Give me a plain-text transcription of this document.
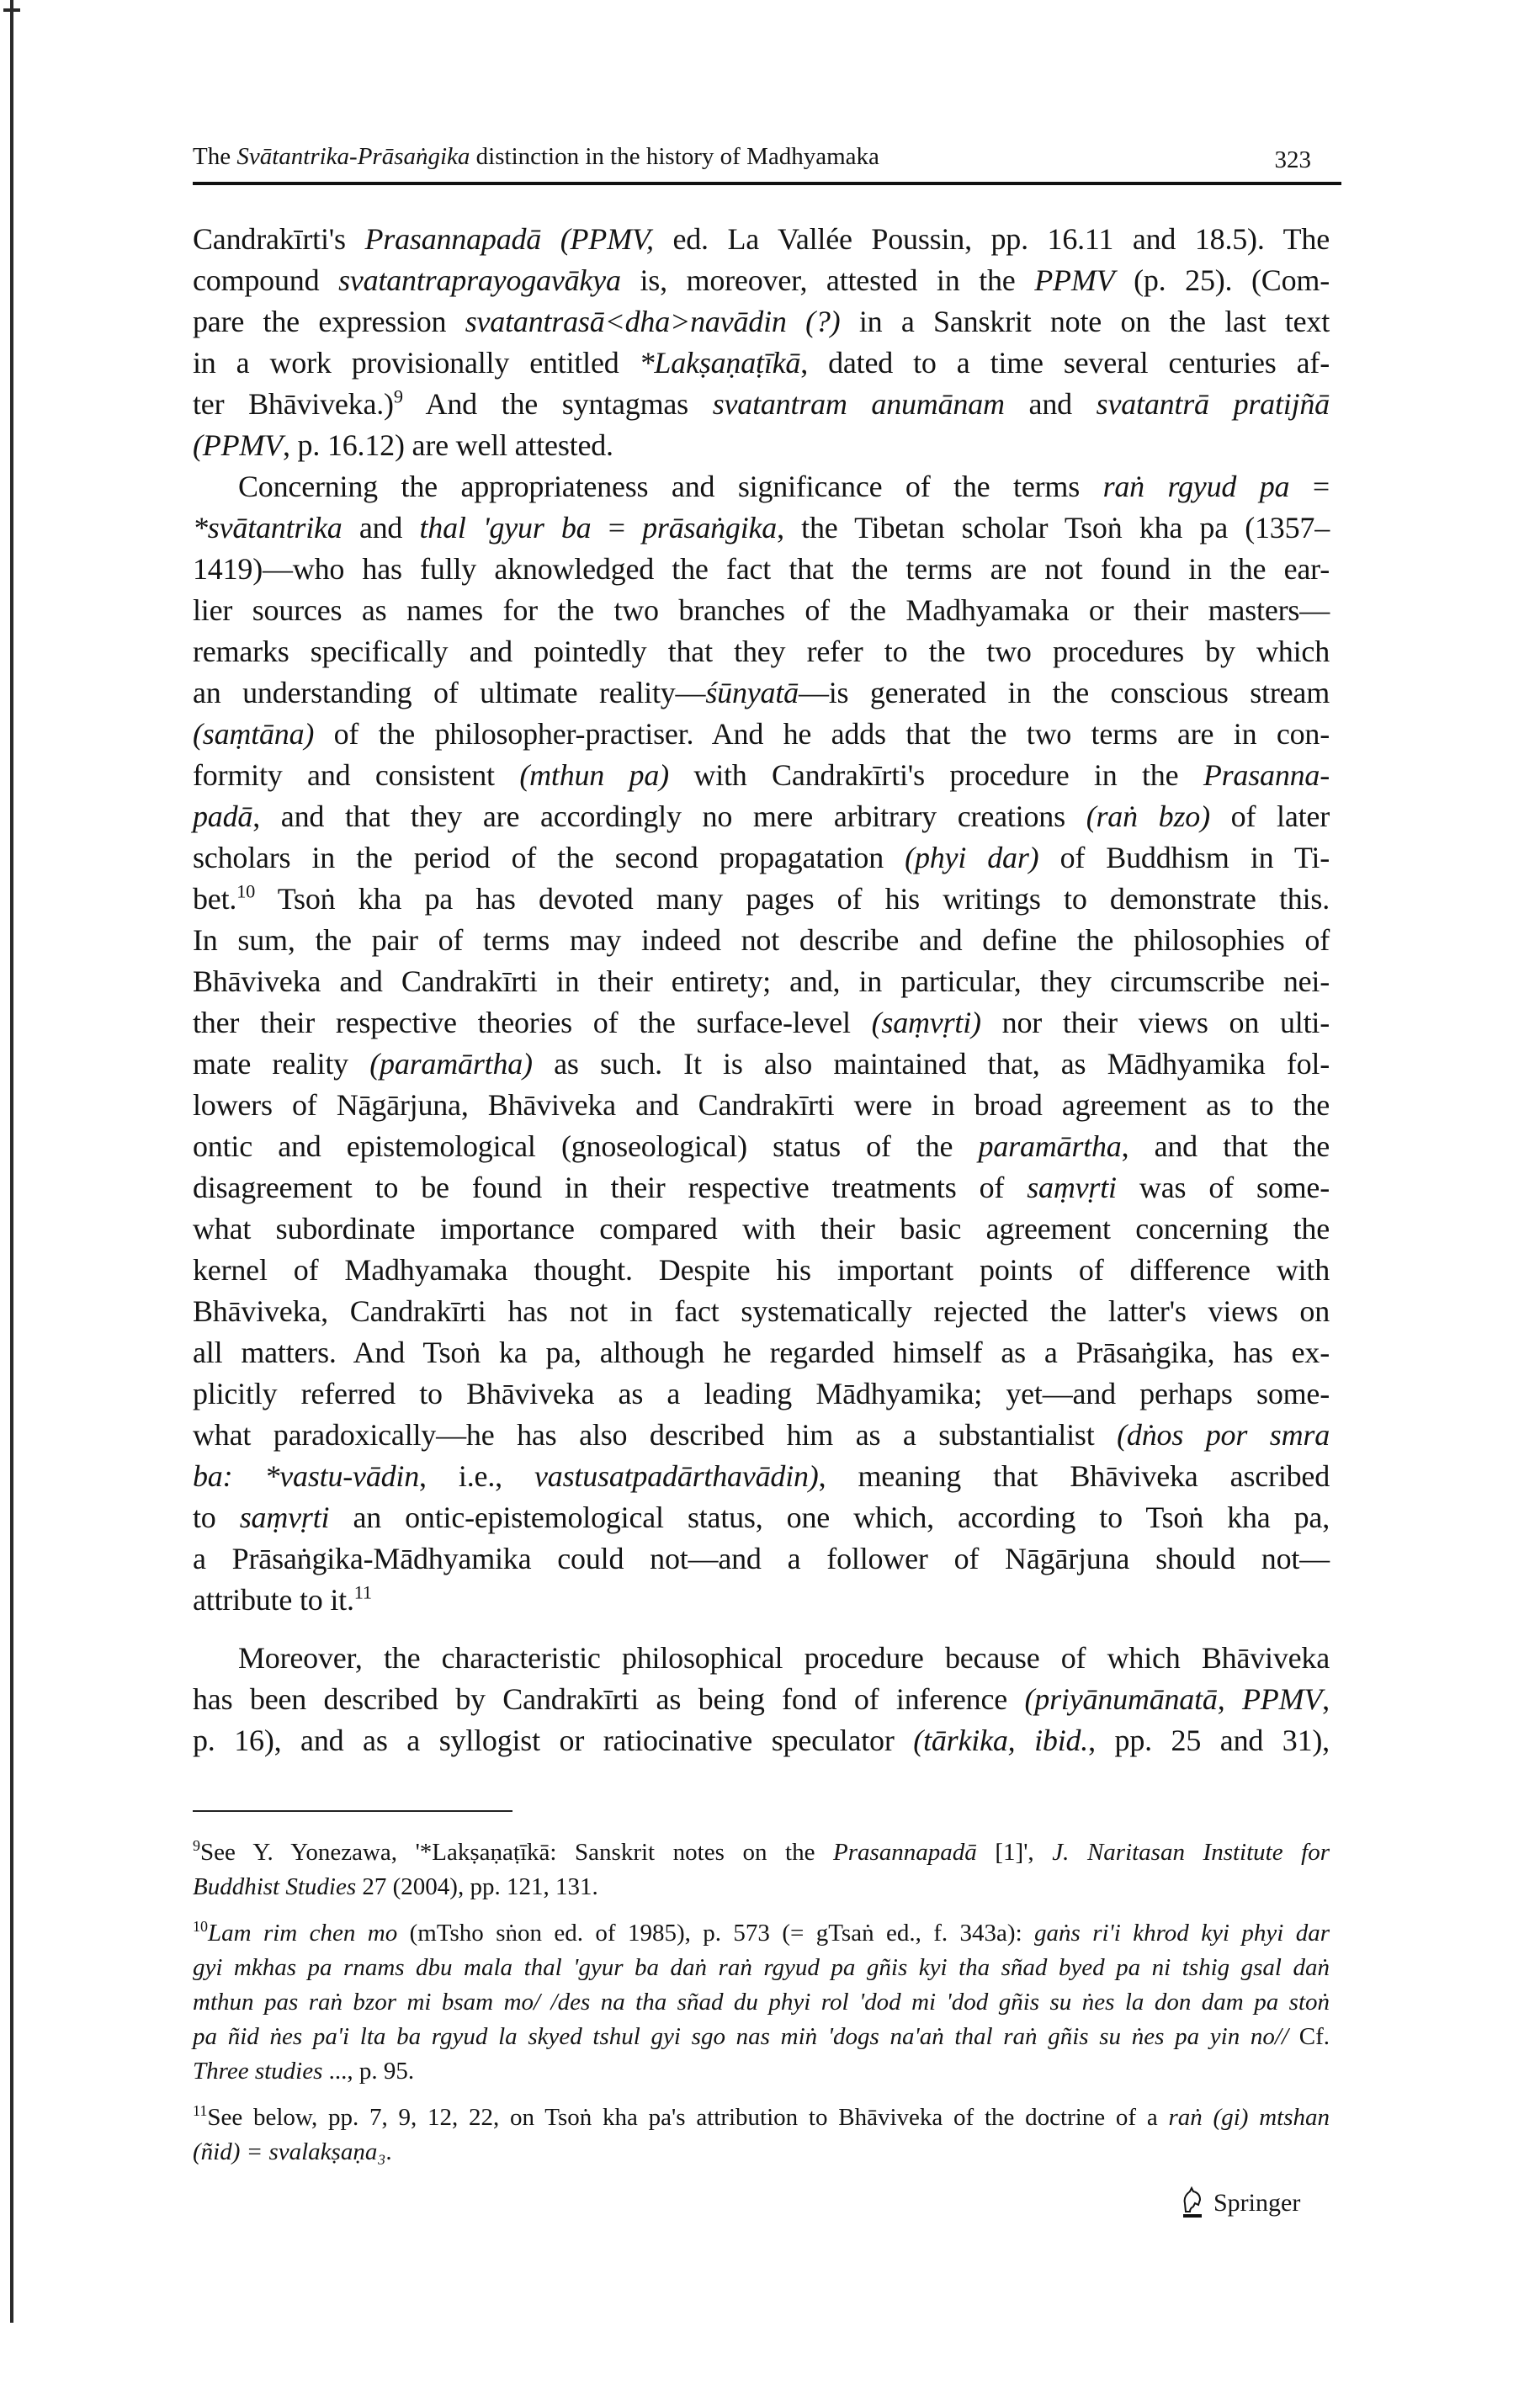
The Svātantrika-Prāsaṅgika distinction in the history of Madhyamaka	323
Candrakīrti's Prasannapadā (PPMV, ed. La Vallée Poussin, pp. 16.11 and 18.5). The
compound svatantraprayogavākya is, moreover, attested in the PPMV (p. 25). (Com-
pare the expression svatantrasā<dha>navādin (?) in a Sanskrit note on the last text
in a work provisionally entitled *Lakṣaṇaṭīkā, dated to a time several centuries af-
ter Bhāviveka.)$^9$ And the syntagmas svatantram anumānam and svatantrā pratijñā
(PPMV, p. 16.12) are well attested.
Concerning the appropriateness and significance of the terms raṅ rgyud pa =
*svātantrika and thal 'gyur ba = prāsaṅgika, the Tibetan scholar Tsoṅ kha pa (1357–
1419)—who has fully aknowledged the fact that the terms are not found in the ear-
lier sources as names for the two branches of the Madhyamaka or their masters—
remarks specifically and pointedly that they refer to the two procedures by which
an understanding of ultimate reality—śūnyatā—is generated in the conscious stream
(saṃtāna) of the philosopher-practiser. And he adds that the two terms are in con-
formity and consistent (mthun pa) with Candrakīrti's procedure in the Prasanna-
padā, and that they are accordingly no mere arbitrary creations (raṅ bzo) of later
scholars in the period of the second propagatation (phyi dar) of Buddhism in Ti-
bet.$^{10}$ Tsoṅ kha pa has devoted many pages of his writings to demonstrate this.
In sum, the pair of terms may indeed not describe and define the philosophies of
Bhāviveka and Candrakīrti in their entirety; and, in particular, they circumscribe nei-
ther their respective theories of the surface-level (saṃvṛti) nor their views on ulti-
mate reality (paramārtha) as such. It is also maintained that, as Mādhyamika fol-
lowers of Nāgārjuna, Bhāviveka and Candrakīrti were in broad agreement as to the
ontic and epistemological (gnoseological) status of the paramārtha, and that the
disagreement to be found in their respective treatments of saṃvṛti was of some-
what subordinate importance compared with their basic agreement concerning the
kernel of Madhyamaka thought. Despite his important points of difference with
Bhāviveka, Candrakīrti has not in fact systematically rejected the latter's views on
all matters. And Tsoṅ ka pa, although he regarded himself as a Prāsaṅgika, has ex-
plicitly referred to Bhāviveka as a leading Mādhyamika; yet—and perhaps some-
what paradoxically—he has also described him as a substantialist (dṅos por smra
ba: *vastu-vādin, i.e., vastusatpadārthavādin), meaning that Bhāviveka ascribed
to saṃvṛti an ontic-epistemological status, one which, according to Tsoṅ kha pa,
a Prāsaṅgika-Mādhyamika could not—and a follower of Nāgārjuna should not—
attribute to it.$^{11}$
Moreover, the characteristic philosophical procedure because of which Bhāviveka
has been described by Candrakīrti as being fond of inference (priyānumānatā, PPMV,
p. 16), and as a syllogist or ratiocinative speculator (tārkika, ibid., pp. 25 and 31),
$^9$See Y. Yonezawa, '*Lakṣaṇaṭīkā: Sanskrit notes on the Prasannapadā [1]', J. Naritasan Institute for
Buddhist Studies 27 (2004), pp. 121, 131.
$^{10}$Lam rim chen mo (mTsho sṅon ed. of 1985), p. 573 (= gTsaṅ ed., f. 343a): gaṅs ri'i khrod kyi phyi dar
gyi mkhas pa rnams dbu mala thal 'gyur ba daṅ raṅ rgyud pa gñis kyi tha sñad byed pa ni tshig gsal daṅ
mthun pas raṅ bzor mi bsam mo/ /des na tha sñad du phyi rol 'dod mi 'dod gñis su ṅes la don dam pa stoṅ
pa ñid ṅes pa'i lta ba rgyud la skyed tshul gyi sgo nas miṅ 'dogs na'aṅ thal raṅ gñis su ṅes pa yin no// Cf.
Three studies ..., p. 95.
$^{11}$See below, pp. 7, 9, 12, 22, on Tsoṅ kha pa's attribution to Bhāviveka of the doctrine of a raṅ (gi) mtshan
(ñid) = svalakṣaṇa₃.
Springer
